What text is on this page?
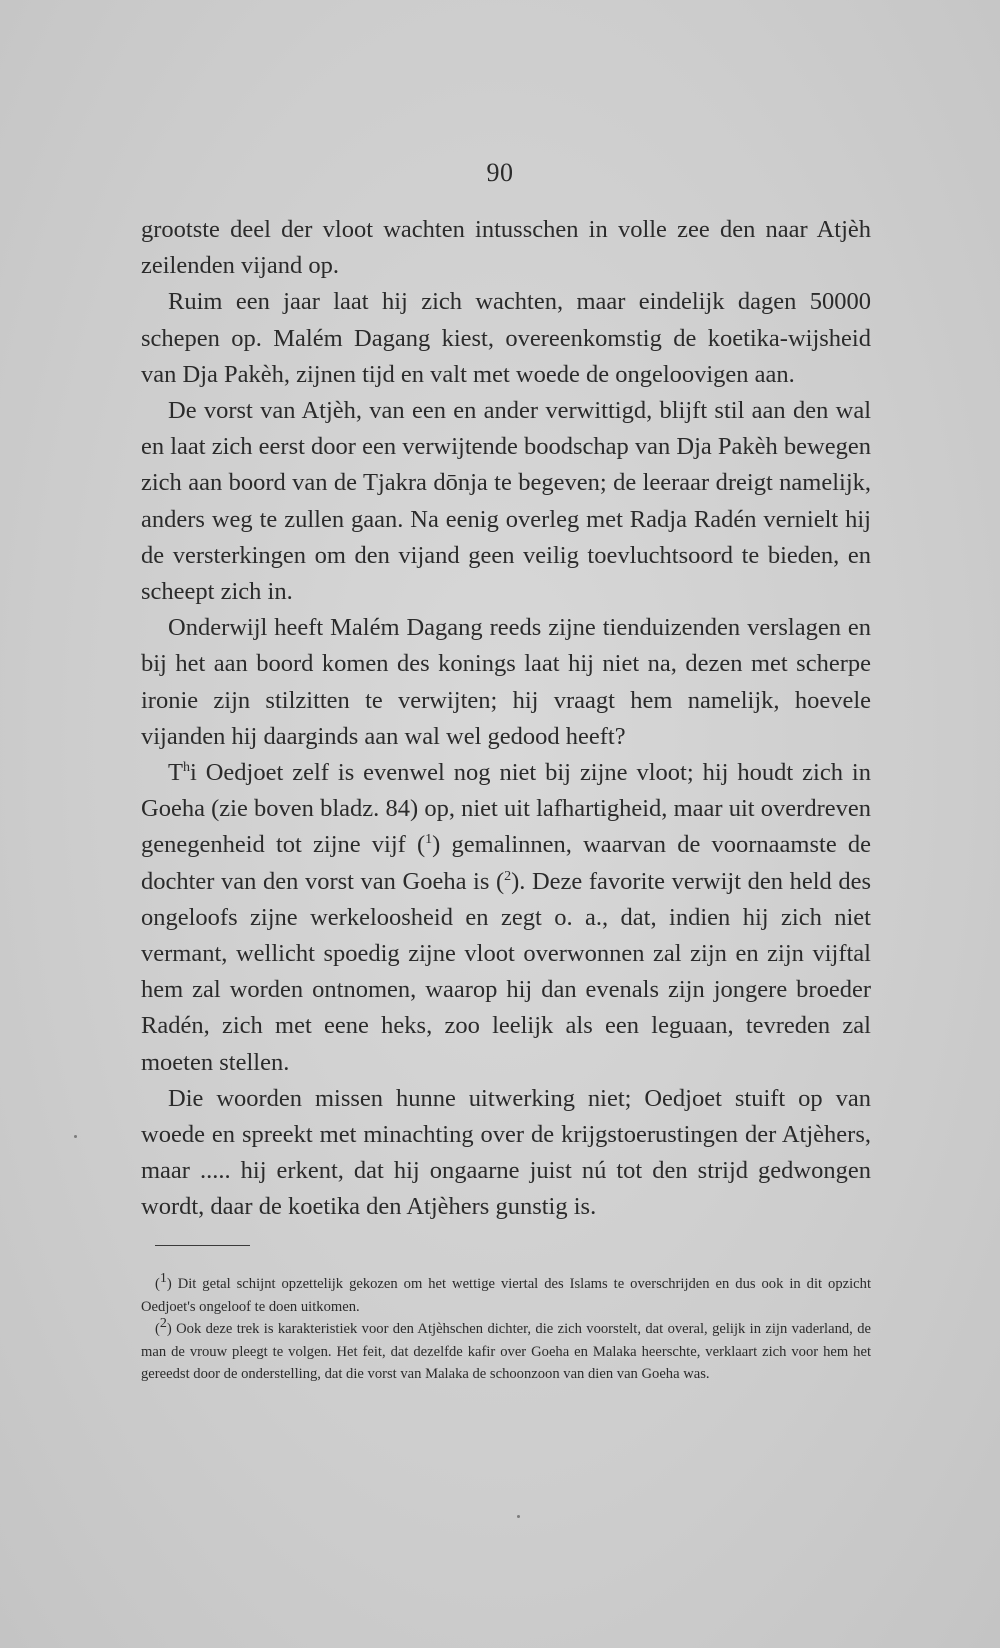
90

grootste deel der vloot wachten intusschen in volle zee den naar Atjèh zeilenden vijand op.

Ruim een jaar laat hij zich wachten, maar eindelijk dagen 50000 schepen op. Malém Dagang kiest, overeenkomstig de koetika-wijsheid van Dja Pakèh, zijnen tijd en valt met woede de ongeloovigen aan.

De vorst van Atjèh, van een en ander verwittigd, blijft stil aan den wal en laat zich eerst door een verwijtende boodschap van Dja Pakèh bewegen zich aan boord van de Tjakra dōnja te begeven; de leeraar dreigt namelijk, anders weg te zullen gaan. Na eenig overleg met Radja Radén vernielt hij de versterkingen om den vijand geen veilig toevluchtsoord te bieden, en scheept zich in.

Onderwijl heeft Malém Dagang reeds zijne tienduizenden verslagen en bij het aan boord komen des konings laat hij niet na, dezen met scherpe ironie zijn stilzitten te verwijten; hij vraagt hem namelijk, hoevele vijanden hij daarginds aan wal wel gedood heeft?

$T^hi$ Oedjoet zelf is evenwel nog niet bij zijne vloot; hij houdt zich in Goeha (zie boven bladz. 84) op, niet uit lafhartigheid, maar uit overdreven genegenheid tot zijne vijf ($^1$) gemalinnen, waarvan de voornaamste de dochter van den vorst van Goeha is ($^2$). Deze favorite verwijt den held des ongeloofs zijne werkeloosheid en zegt o. a., dat, indien hij zich niet vermant, wellicht spoedig zijne vloot overwonnen zal zijn en zijn vijftal hem zal worden ontnomen, waarop hij dan evenals zijn jongere broeder Radén, zich met eene heks, zoo leelijk als een leguaan, tevreden zal moeten stellen.

Die woorden missen hunne uitwerking niet; Oedjoet stuift op van woede en spreekt met minachting over de krijgstoerustingen der Atjèhers, maar ..... hij erkent, dat hij ongaarne juist nú tot den strijd gedwongen wordt, daar de koetika den Atjèhers gunstig is.

($^1$) Dit getal schijnt opzettelijk gekozen om het wettige viertal des Islams te overschrijden en dus ook in dit opzicht Oedjoet's ongeloof te doen uitkomen.

($^2$) Ook deze trek is karakteristiek voor den Atjèhschen dichter, die zich voorstelt, dat overal, gelijk in zijn vaderland, de man de vrouw pleegt te volgen. Het feit, dat dezelfde kafir over Goeha en Malaka heerschte, verklaart zich voor hem het gereedst door de onderstelling, dat die vorst van Malaka de schoonzoon van dien van Goeha was.
